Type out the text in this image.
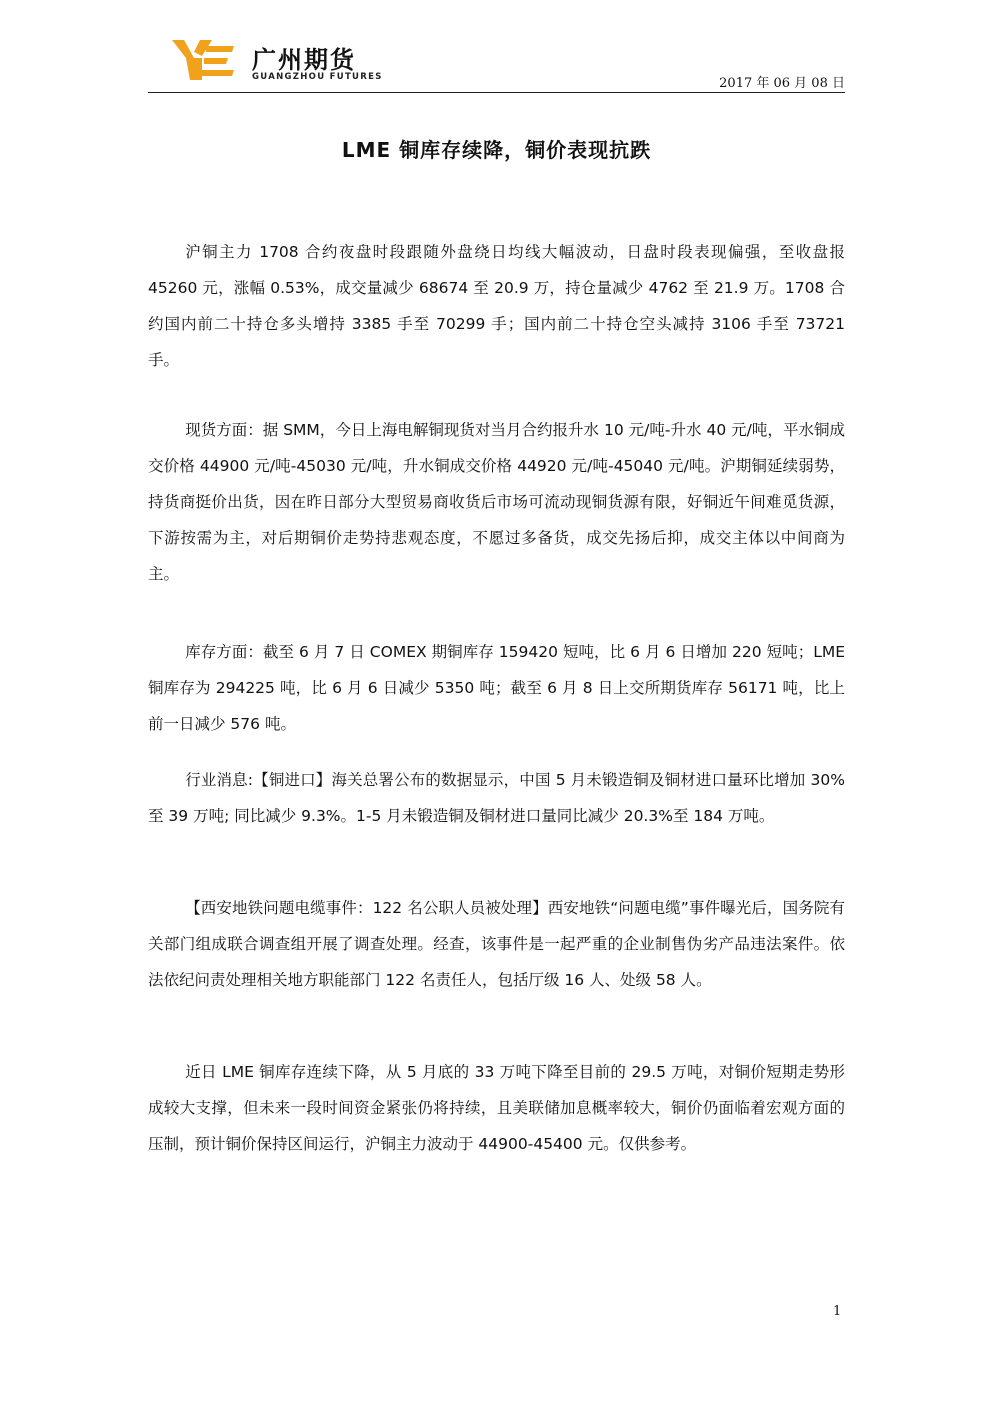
广州期货
GUANGZHOU FUTURES	2017 年 06 月 08 日
LME 铜库存续降，铜价表现抗跌

沪铜主力 1708 合约夜盘时段跟随外盘绕日均线大幅波动，日盘时段表现偏强，至收盘报 45260 元，涨幅 0.53%，成交量减少 68674 至 20.9 万，持仓量减少 4762 至 21.9 万。1708 合约国内前二十持仓多头增持 3385 手至 70299 手；国内前二十持仓空头减持 3106 手至 73721 手。

现货方面：据 SMM，今日上海电解铜现货对当月合约报升水 10 元/吨-升水 40 元/吨，平水铜成交价格 44900 元/吨-45030 元/吨，升水铜成交价格 44920 元/吨-45040 元/吨。沪期铜延续弱势，持货商挺价出货，因在昨日部分大型贸易商收货后市场可流动现铜货源有限，好铜近午间难觅货源，下游按需为主，对后期铜价走势持悲观态度，不愿过多备货，成交先扬后抑，成交主体以中间商为主。

库存方面：截至 6 月 7 日 COMEX 期铜库存 159420 短吨，比 6 月 6 日增加 220 短吨；LME 铜库存为 294225 吨，比 6 月 6 日减少 5350 吨；截至 6 月 8 日上交所期货库存 56171 吨，比上前一日减少 576 吨。

行业消息:【铜进口】海关总署公布的数据显示，中国 5 月未锻造铜及铜材进口量环比增加 30%至 39 万吨; 同比减少 9.3%。1-5 月未锻造铜及铜材进口量同比减少 20.3%至 184 万吨。

【西安地铁问题电缆事件：122 名公职人员被处理】西安地铁“问题电缆”事件曝光后，国务院有关部门组成联合调查组开展了调查处理。经查，该事件是一起严重的企业制售伪劣产品违法案件。依法依纪问责处理相关地方职能部门 122 名责任人，包括厅级 16 人、处级 58 人。

近日 LME 铜库存连续下降，从 5 月底的 33 万吨下降至目前的 29.5 万吨，对铜价短期走势形成较大支撑，但未来一段时间资金紧张仍将持续，且美联储加息概率较大，铜价仍面临着宏观方面的压制，预计铜价保持区间运行，沪铜主力波动于 44900-45400 元。仅供参考。

1
